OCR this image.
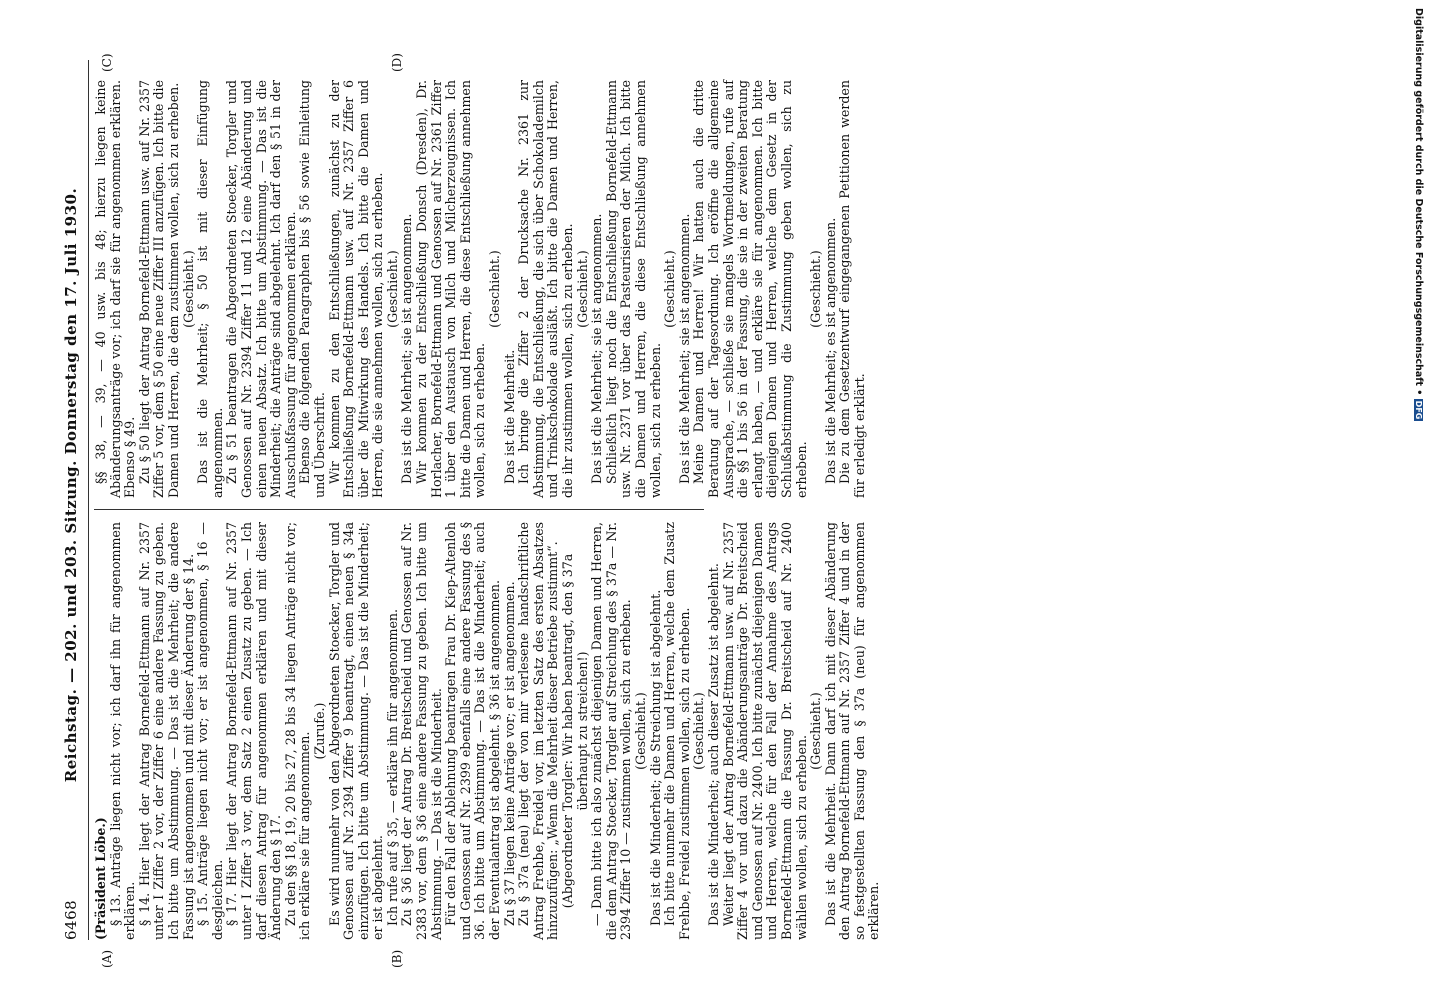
6468
Reichstag. — 202. und 203. Sitzung. Donnerstag den 17. Juli 1930.

(Präsident Löbe.) § 13. Anträge liegen nicht vor; ich darf ihn für angenommen erklären. § 14. Hier liegt der Antrag Bornefeld-Ettmann auf Nr. 2357 unter I Ziffer 2 vor, der Ziffer 6 eine andere Fassung zu geben. Ich bitte um Abstimmung. — Das ist die Mehrheit; die andere Fassung ist angenommen und mit dieser Änderung der § 14. § 15. Anträge liegen nicht vor; er ist angenommen, § 16 — desgleichen. § 17. Hier liegt der Antrag Bornefeld-Ettmann auf Nr. 2357 unter I Ziffer 3 vor, dem Satz 2 einen Zusatz zu geben. — Ich darf diesen Antrag für angenommen erklären und mit dieser Änderung den § 17. Zu den §§ 18, 19, 20 bis 27, 28 bis 34 liegen Anträge nicht vor; ich erkläre sie für angenommen.

(Zurufe.) Es wird nunmehr von den Abgeordneten Stoecker, Torgler und Genossen auf Nr. 2394 Ziffer 9 beantragt, einen neuen § 34a einzufügen. Ich bitte um Abstimmung. — Das ist die Minderheit; er ist abgelehnt. Ich rufe auf § 35, — erkläre ihn für angenommen. Zu § 36 liegt der Antrag Dr. Breitscheid und Genossen auf Nr. 2383 vor, dem § 36 eine andere Fassung zu geben. Ich bitte um Abstimmung. — Das ist die Minderheit. Für den Fall der Ablehnung beantragen Frau Dr. Kiep-Altenloh und Genossen auf Nr. 2399 ebenfalls eine andere Fassung des § 36. Ich bitte um Abstimmung. — Das ist die Minderheit; auch der Eventualantrag ist abgelehnt. § 36 ist angenommen. Zu § 37 liegen keine Anträge vor; er ist angenommen. Zu § 37a (neu) liegt der von mir verlesene handschriftliche Antrag Frehbe, Freidel vor, im letzten Satz des ersten Absatzes hinzuzufügen: „Wenn die Mehrheit dieser Betriebe zustimmt“. (Abgeordneter Torgler: Wir haben beantragt, den § 37a überhaupt zu streichen!) — Dann bitte ich also zunächst diejenigen Damen und Herren, die dem Antrag Stoecker, Torgler auf Streichung des § 37a — Nr. 2394 Ziffer 10 — zustimmen wollen, sich zu erheben. (Geschieht.) Das ist die Minderheit; die Streichung ist abgelehnt. Ich bitte nunmehr die Damen und Herren, welche dem Zusatz Frehbe, Freidel zustimmen wollen, sich zu erheben. (Geschieht.) Das ist die Minderheit; auch dieser Zusatz ist abgelehnt. Weiter liegt der Antrag Bornefeld-Ettmann usw. auf Nr. 2357 Ziffer 4 vor und dazu die Abänderungsanträge Dr. Breitscheid und Genossen auf Nr. 2400. Ich bitte zunächst diejenigen Damen und Herren, welche für den Fall der Annahme des Antrags Bornefeld-Ettmann die Fassung Dr. Breitscheid auf Nr. 2400 wählen wollen, sich zu erheben.

(Geschieht.) Das ist die Mehrheit. Dann darf ich mit dieser Abänderung den Antrag Bornefeld-Ettmann auf Nr. 2357 Ziffer 4 und in der so festgestellten Fassung den § 37a (neu) für angenommen erklären.

§§ 38, — 39, — 40 usw. bis 48; hierzu liegen keine Abänderungsanträge vor; ich darf sie für angenommen erklären. Ebenso § 49. Zu § 50 liegt der Antrag Bornefeld-Ettmann usw. auf Nr. 2357 Ziffer 5 vor, dem § 50 eine neue Ziffer III anzufügen. Ich bitte die Damen und Herren, die dem zustimmen wollen, sich zu erheben. (Geschieht.) Das ist die Mehrheit; § 50 ist mit dieser Einfügung angenommen. Zu § 51 beantragen die Abgeordneten Stoecker, Torgler und Genossen auf Nr. 2394 Ziffer 11 und 12 eine Abänderung und einen neuen Absatz. Ich bitte um Abstimmung. — Das ist die Minderheit; die Anträge sind abgelehnt. Ich darf den § 51 in der Ausschußfassung für angenommen erklären. Ebenso die folgenden Paragraphen bis § 56 sowie Einleitung und Überschrift. Wir kommen zu den Entschließungen, zunächst zu der Entschließung Bornefeld-Ettmann usw. auf Nr. 2357 Ziffer 6 über die Mitwirkung des Handels. Ich bitte die Damen und Herren, die sie annehmen wollen, sich zu erheben. (Geschieht.) Das ist die Mehrheit; sie ist angenommen. Wir kommen zu der Entschließung Donsch (Dresden), Dr. Horlacher, Bornefeld-Ettmann und Genossen auf Nr. 2361 Ziffer 1 über den Austausch von Milch und Milcherzeugnissen. Ich bitte die Damen und Herren, die diese Entschließung annehmen wollen, sich zu erheben.

(Geschieht.)

Das ist die Mehrheit. Ich bringe die Ziffer 2 der Drucksache Nr. 2361 zur Abstimmung, die Entschließung, die sich über Schokolademilch und Trinkschokolade ausläßt. Ich bitte die Damen und Herren, die ihr zustimmen wollen, sich zu erheben. (Geschieht.) Das ist die Mehrheit; sie ist angenommen. Schließlich liegt noch die Entschließung Bornefeld-Ettmann usw. Nr. 2371 vor über das Pasteurisieren der Milch. Ich bitte die Damen und Herren, die diese Entschließung annehmen wollen, sich zu erheben.

(Geschieht.) Das ist die Mehrheit; sie ist angenommen. Meine Damen und Herren! Wir hatten auch die dritte Beratung auf der Tagesordnung. Ich eröffne die allgemeine Aussprache, — schließe sie mangels Wortmeldungen, rufe auf die §§ 1 bis 56 in der Fassung, die sie in der zweiten Beratung erlangt haben, — und erkläre sie für angenommen. Ich bitte diejenigen Damen und Herren, welche dem Gesetz in der Schlußabstimmung die Zustimmung geben wollen, sich zu erheben.

(Geschieht.) Das ist die Mehrheit; es ist angenommen. Die zu dem Gesetzentwurf eingegangenen Petitionen werden für erledigt erklärt.

(A)	(B)
(C)	(D)	Digitalisierung gefördert durch die Deutsche Forschungsgemeinschaft • DFG
